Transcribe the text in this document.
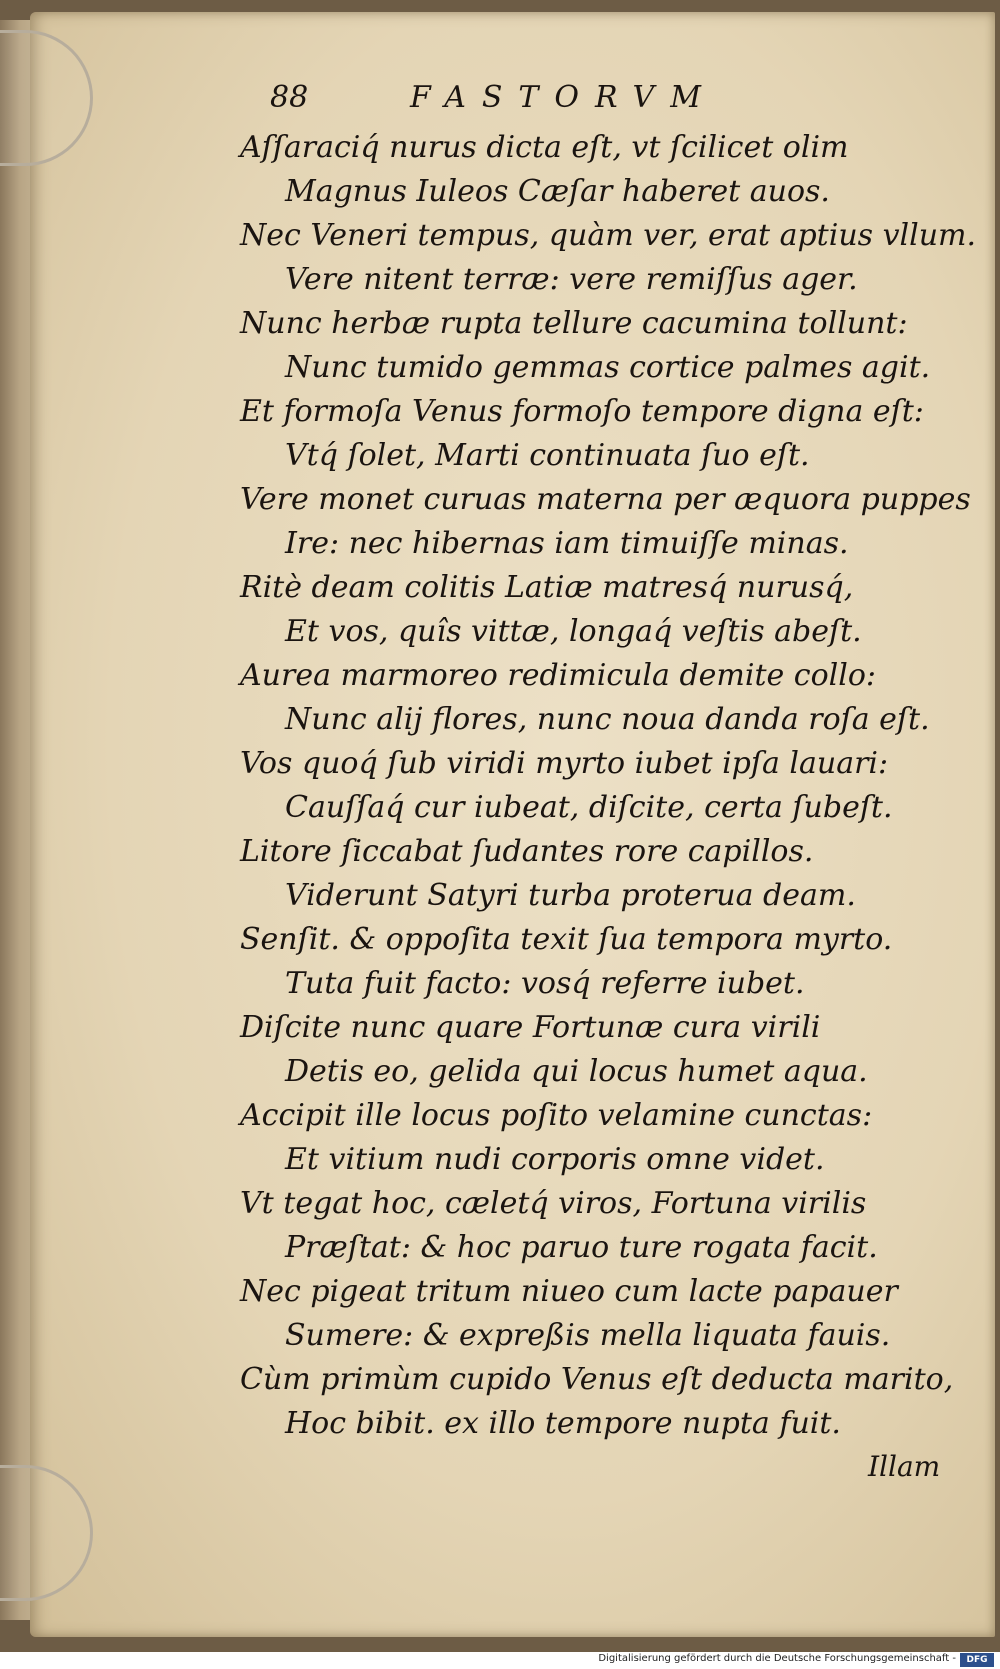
88	FASTORVM
Aſſaraciq́ nurus dicta eſt, vt ſcilicet olim
Magnus Iuleos Cæſar haberet auos.
Nec Veneri tempus, quàm ver, erat aptius vllum.
Vere nitent terræ: vere remiſſus ager.
Nunc herbæ rupta tellure cacumina tollunt:
Nunc tumido gemmas cortice palmes agit.
Et formoſa Venus formoſo tempore digna eſt:
Vtq́ ſolet, Marti continuata ſuo eſt.
Vere monet curuas materna per æquora puppes
Ire: nec hibernas iam timuiſſe minas.
Ritè deam colitis Latiæ matresq́ nurusq́,
Et vos, quîs vittæ, longaq́ veſtis abeſt.
Aurea marmoreo redimicula demite collo:
Nunc alij flores, nunc noua danda roſa eſt.
Vos quoq́ ſub viridi myrto iubet ipſa lauari:
Cauſſaq́ cur iubeat, diſcite, certa ſubeſt.
Litore ſiccabat ſudantes rore capillos.
Viderunt Satyri turba proterua deam.
Senſit. & oppoſita texit ſua tempora myrto.
Tuta fuit facto: vosq́ referre iubet.
Diſcite nunc quare Fortunæ cura virili
Detis eo, gelida qui locus humet aqua.
Accipit ille locus poſito velamine cunctas:
Et vitium nudi corporis omne videt.
Vt tegat hoc, cæletq́ viros, Fortuna virilis
Præſtat: & hoc paruo ture rogata facit.
Nec pigeat tritum niueo cum lacte papauer
Sumere: & expreßis mella liquata fauis.
Cùm primùm cupido Venus eſt deducta marito,
Hoc bibit. ex illo tempore nupta fuit.
Illam
Digitalisierung gefördert durch die Deutsche Forschungsgemeinschaft -	DFG
